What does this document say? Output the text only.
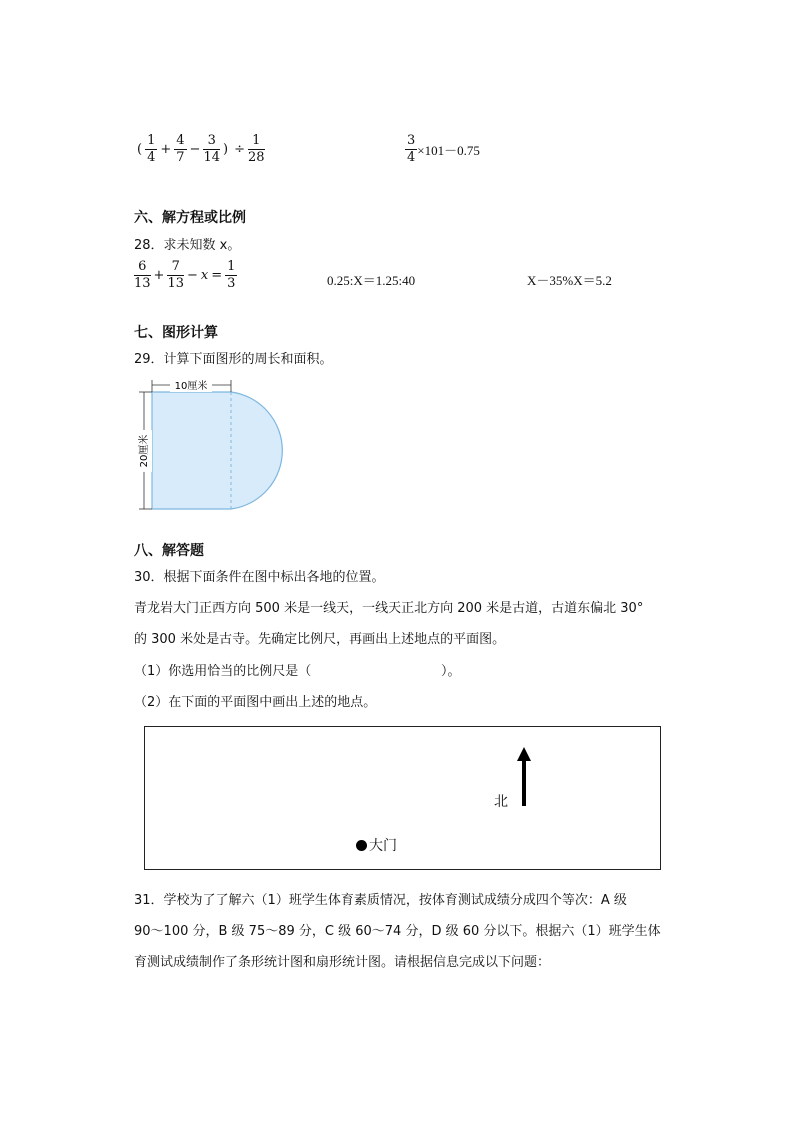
( $\frac{1}{4} + \frac{4}{7} - \frac{3}{14}$ ) ÷ $\frac{1}{28}$	$\frac{3}{4} \times 101-0.75$
六、解方程或比例
28．求未知数 x。
$\frac{6}{13} + \frac{7}{13} - x = \frac{1}{3}$	0.25:X＝1.25:40	X－35%X＝5.2
七、图形计算
29．计算下面图形的周长和面积。
10厘米
20厘米
八、解答题
30．根据下面条件在图中标出各地的位置。
青龙岩大门正西方向 500 米是一线天，一线天正北方向 200 米是古道，古道东偏北 30°
的 300 米处是古寺。先确定比例尺，再画出上述地点的平面图。
（1）你选用恰当的比例尺是（	）。
（2）在下面的平面图中画出上述的地点。
北
大门
31．学校为了了解六（1）班学生体育素质情况，按体育测试成绩分成四个等次：A 级
90～100 分，B 级 75～89 分，C 级 60～74 分，D 级 60 分以下。根据六（1）班学生体
育测试成绩制作了条形统计图和扇形统计图。请根据信息完成以下问题：
